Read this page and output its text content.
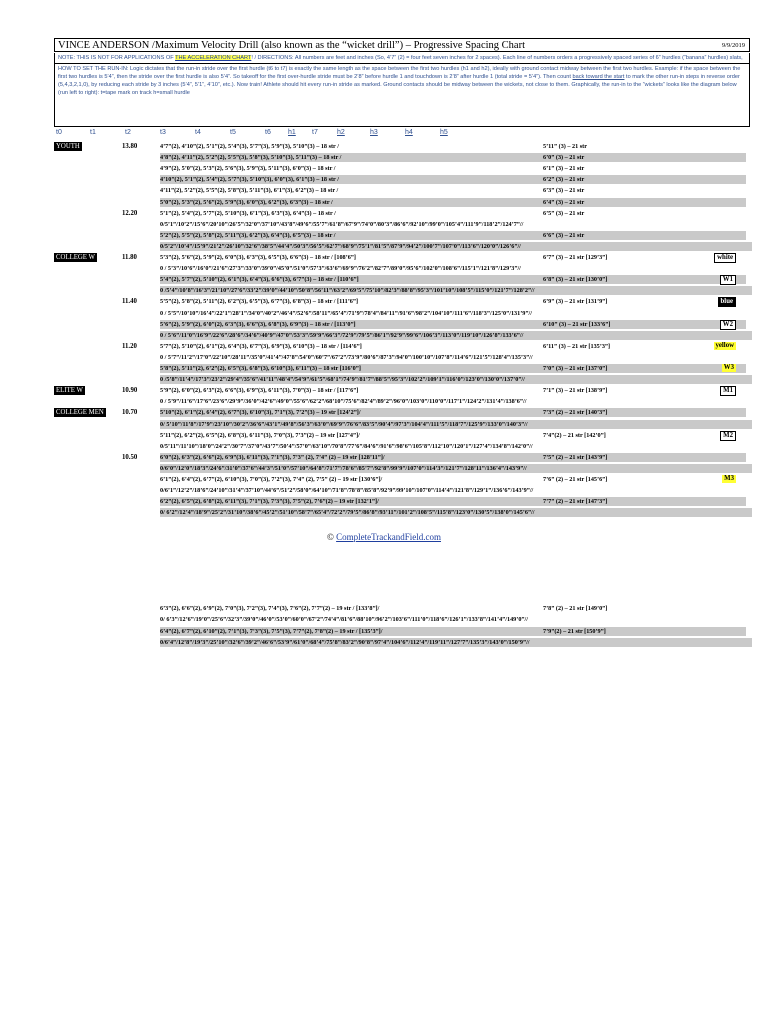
VINCE ANDERSON /Maximum Velocity Drill (also known as the “wicket drill”) – Progressive Spacing Chart	9/9/2019
NOTE: THIS IS NOT FOR APPLICATIONS OF THE ACCELERATION CHART! / DIRECTIONS: All numbers are feet and inches (So, 4’7” (2) = four feet seven inches for 2 spaces). Each line of numbers orders a progressively spaced series of 6” hurdles (“banana” hurdles) slats,
HOW TO SET THE RUN-IN: Logic dictates that the run-in stride over the first hurdle (t6 to t7) is exactly the same length as the space between the first two hurdles (h1 and h2), ideally with ground contact midway between the first two hurdles. Example: if the space between the first two hurdles is 5’4”, then the stride over the first hurdle is also 5’4”. So takeoff for the first over-hurdle stride must be 2’8” before hurdle 1 and touchdown is 2’8” after hurdle 1 (total stride = 5’4”). Then count back toward the start to mark the other run-in steps in reverse order (5,4,3,2,1,0), by reducing each stride by 3 inches (5’4”, 5’1”, 4’10”, etc.). Now train! Athlete should hit every run-in stride as marked. Ground contacts should be midway between the wickets, not close to them. Graphically, the run-in to the “wickets” looks like the diagram below (run left to right): t=tape mark on track h=small hurdle
t0	t1	t2	t3	t4	t5	t6 h1 t7	h2	h3	h4	h5
YOUTH	13.80	4’7”(2), 4’10”(2), 5’1”(2), 5’4”(3), 5’7”(3), 5’9”(3), 5’10”(3) – 18 str /	5’11” (3) – 21 str
4’8”(2), 4’11”(2), 5’2”(2), 5’5”(3), 5’8”(3), 5’10”(3), 5’11”(3) – 18 str /	6’0” (3) – 21 str
4’9”(2), 5’0”(2), 5’3”(2), 5’6”(3), 5’9”(3), 5’11”(3), 6’0”(3) – 18 str /	6’1” (3) – 21 str
4’10”(2), 5’1”(2), 5’4”(2), 5’7”(3), 5’10”(3), 6’0”(3), 6’1”(3) – 18 str /	6’2” (3) – 21 str
4’11”(2), 5’2”(2), 5’5”(2), 5’8”(3), 5’11”(3), 6’1”(3), 6’2”(3) – 18 str /	6’3” (3) – 21 str
5’0”(2), 5’3”(2), 5’6”(2), 5’9”(3), 6’0”(3), 6’2”(3), 6’3”(3) – 18 str /	6’4” (3) – 21 str
12.20	5’1”(2), 5’4”(2), 5’7”(2), 5’10”(3), 6’1”(3), 6’3”(3), 6’4”(3) – 18 str /	6’5” (3) – 21 str
0/5’1”/10’2”/15’6”/20’10”/26’5”/32’0”/37’10”/43’8”/49’6”/55’7”/61’8”/67’9”/74’0”/80’3”/86’6”/92’10”/99’0”/105’4”/111’9”/118’2”/124’7”//
5’2”(2), 5’5”(2), 5’8”(2), 5’11”(3), 6’2”(3), 6’4”(3), 6’5”(3) – 18 str /	6’6” (3) – 21 str
0/5’2”/10’4”/15’9”/21’2”/26’10”/32’6”/38’5”/44’4”/50’3”/56’5”/62’7”/68’9”/75’1”/81’5”/87’9”/94’2”/100’7”/107’0”/113’6”/120’0”/126’6”//
COLLEGE W	11.80	5’3”(2), 5’6”(2), 5’9”(2), 6’0”(3), 6’3”(3), 6’5”(3), 6’6”(3) – 18 str / [108’6”]	6’7” (3) – 21 str [129’3”]	white
0 / 5’3”/10’6”/16’0”/21’6”/27’3”/33’0”/39’0”/45’0”/51’0”/57’3”/63’6”/69’9”/76’2”/82’7”/89’0”/95’6”/102’0”/108’6”/115’1”/121’8”/129’3”//
5’4”(2), 5’7”(2), 5’10”(2), 6’1”(3), 6’4”(3), 6’6”(3), 6’7”(3) – 18 str / [110’6”]	6’8” (3) – 21 str [130’0”]	W1
0 /5’4”/10’8”/16’3”/21’10”/27’6”/33’2”/39’0”/44’10”/50’8”/56’11”/63’2”/69’5”/75’10”/82’3”/88’8”/95’3”/101’10”/108’5”/115’0”/121’7”/128’2”//
11.40	5’5”(2), 5’8”(2), 5’11”(2), 6’2”(3), 6’5”(3), 6’7”(3), 6’8”(3) – 18 str / [111’6”]	6’9” (3) – 21 str [131’9”]	blue
0 / 5’5”/10’10”/16’4”/22’1”/28’1”/34’0”/40’2”/46’4”/52’6”/58’11”/65’4”/71’9”/78’4”/84’11”/91’6”/98’2”/104’10”/111’6”/118’3”/125’0”/131’9”//
5’6”(2), 5’9”(2), 6’0”(2), 6’3”(3), 6’6”(3), 6’8”(3), 6’9”(3) – 18 str / [113’0”]	6’10” (3) – 21 str [133’6”]	W2
0 / 5’6”/11’0”/16’9”/22’6”/28’6”/34’6”/40’9”/47’0”/53’3”/59’9”/66’3”/72’9”/79’5”/86’1”/92’9”/99’6”/106’3”/113’0”/119’10”/126’8”/133’6”//
11.20	5’7”(2), 5’10”(2), 6’1”(2), 6’4”(3), 6’7”(3), 6’9”(3), 6’10”(3) – 18 str / [114’6”]	6’11” (3) – 21 str [135’3”]	yellow
0 / 5’7”/11’2”/17’0”/22’10”/28’11”/35’0”/41’4”/47’8”/54’0”/60’7”/67’2”/73’9”/80’6”/87’3”/94’0”/100’10”/107’8”/114’6”/121’5”/128’4”/135’3”//
5’8”(2), 5’11”(2), 6’2”(2), 6’5”(3), 6’8”(3), 6’10”(3), 6’11”(3) – 18 str [116’0”]	7’0” (3) – 21 str [137’0”]	W3
0 /5’8”/11’4”/17’3”/23’2”/29’4”/35’6”/41’11”/48’4”/54’9”/61’5”/68’1”/74’9”/81’7”/88’5”/95’3”/102’2”/109’1”/116’0”/123’0”/130’0”/137’0”//
ELITE W	10.90	5’9”(2), 6’0”(2), 6’3”(2), 6’6”(3), 6’9”(3), 6’11”(3), 7’0”(3) – 18 str / [117’6”]	7’1” (3) – 21 str [138’9”]	M1
0 / 5’9”/11’6”/17’6”/23’6”/29’9”/36’0”/42’6”/49’0”/55’6”/62’2”/68’10”/75’6”/82’4”/89’2”/96’0”/103’0”/110’0”/117’1”/124’2”/131’4”/138’6”//
COLLEGE MEN	10.70	5’10”(2), 6’1”(2), 6’4”(2), 6’7”(3), 6’10”(3), 7’1”(3), 7’2”(3) – 19 str [124’2”]/	7’3” (2) – 21 str [140’3”]
0/ 5’10”/11’8”/17’9”/23’10”/30’2”/36’6”/43’1”/49’8”/56’3”/63’0”/69’9”/76’6”/83’5”/90’4”/97’3”/104’4”/111’5”/118’7”/125’9”/133’0”/140’3”//
5’11”(2), 6’2”(2), 6’5”(2), 6’8”(3), 6’11”(3), 7’0”(3), 7’3”(2) – 19 str [127’4”]/	7’4”(2) – 21 str [142’0”]	M2
0/5’11”/11’10”/18’0”/24’2”/30’7”/37’0”/43’7”/50’4”/57’0”/63’10”/70’8”/77’6”/84’6”/91’6”/98’6”/105’8”/112’10”/120’1”/127’4”/134’8”/142’0”//
10.50	6’0”(2), 6’3”(2), 6’6”(2), 6’9”(3), 6’11”(3), 7’1”(3), 7’3” (2), 7’4” (2) – 19 str [128’11”]/	7’5” (2) – 21 str [143’9”]
0/6’0”/12’0”/18’3”/24’6”/31’0”/37’6”/44’3”/51’0”/57’10”/64’8”/71’7”/78’6”/85’7”/92’8”/99’9”/107’0”/114’3”/121’7”/128’11”/136’4”/143’9”//
6’1”(2), 6’4”(2), 6’7”(2), 6’10”(3), 7’0”(3), 7’2”(3), 7’4” (2), 7’5” (2) – 19 str [130’6”]/	7’6” (2) – 21 str [145’6”]	M3
0/6’1”/12’2”/18’6”/24’10”/31’4”/37’10”/44’6”/51’2”/58’0”/64’10”/71’8”/78’8”/85’8”/92’9”/99’10”/107’0”/114’4”/121’8”/129’1”/136’6”/143’9”//
6’2”(2), 6’5”(2), 6’8”(2), 6’11”(3), 7’1”(3), 7’3”(3), 7’5”(2), 7’6”(2) – 19 str [132’1”]/	7’7” (2) – 21 str [147’3”]
0/ 6’2”/12’4”/18’9”/25’2”/31’10”/38’6”/45’2”/51’10”/58’7”/65’4”/72’2”/79’5”/86’8”/93’11”/101’2”/108’5”/115’8”/123’0”/130’5”/138’0”/145’6”//
© CompleteTrackandField.com
6’3”(2), 6’6”(2), 6’9”(2), 7’0”(3), 7’2”(3), 7’4”(3), 7’6”(2), 7’7”(2) – 19 str / [133’8”]/	7’8” (2) – 21 str [149’0”]
0/ 6’3”/12’6”/19’0”/25’6”/32’3”/39’0”/46’0”/53’0”/60’0”/67’2”/74’4”/81’6”/88’10”/96’2”/103’6”/111’0”/118’6”/126’1”/133’8”/141’4”/149’0”//
6’4”(2), 6’7”(2), 6’10”(2), 7’1”(3), 7’3”(3), 7’5”(3), 7’7”(2), 7’8”(2) – 19 str / [135’3”]/	7’9”(2) – 21 str [150’9”]
0/6’4”/12’8”/19’3”/25’10”/32’6”/39’2”/46’6”/53’9”/61’0”/68’4”/75’8”/83’2”/90’8”/97’4”/104’6”/112’4”/119’11”/127’7”/135’3”/143’0”/150’9”//
